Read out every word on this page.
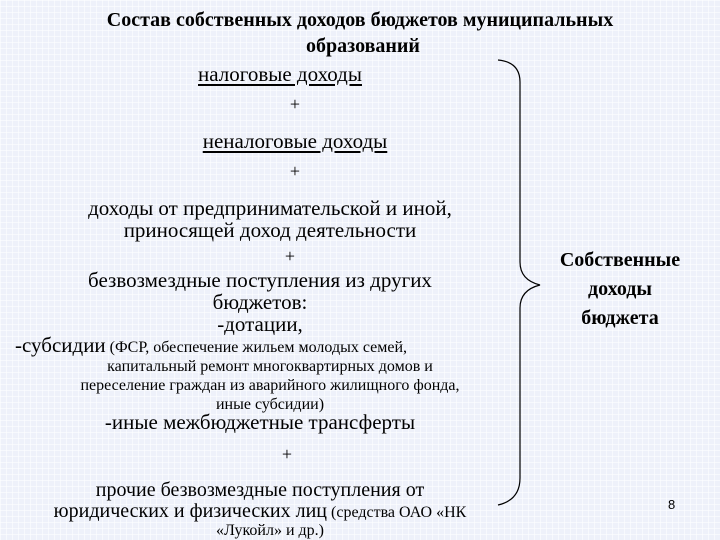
Состав собственных доходов бюджетов муниципальных
образований
налоговые доходы
+
неналоговые доходы
+
доходы от предпринимательской и иной,
приносящей доход деятельности
+
безвозмездные поступления из других
бюджетов:
-дотации,
-субсидии (ФСР, обеспечение жильем молодых семей,
капитальный ремонт многоквартирных домов и
переселение граждан из аварийного жилищного фонда,
иные субсидии)
-иные межбюджетные трансферты
+
прочие безвозмездные поступления от
юридических и физических лиц (средства ОАО «НК
«Лукойл» и др.)
Собственные
доходы
бюджета
8
